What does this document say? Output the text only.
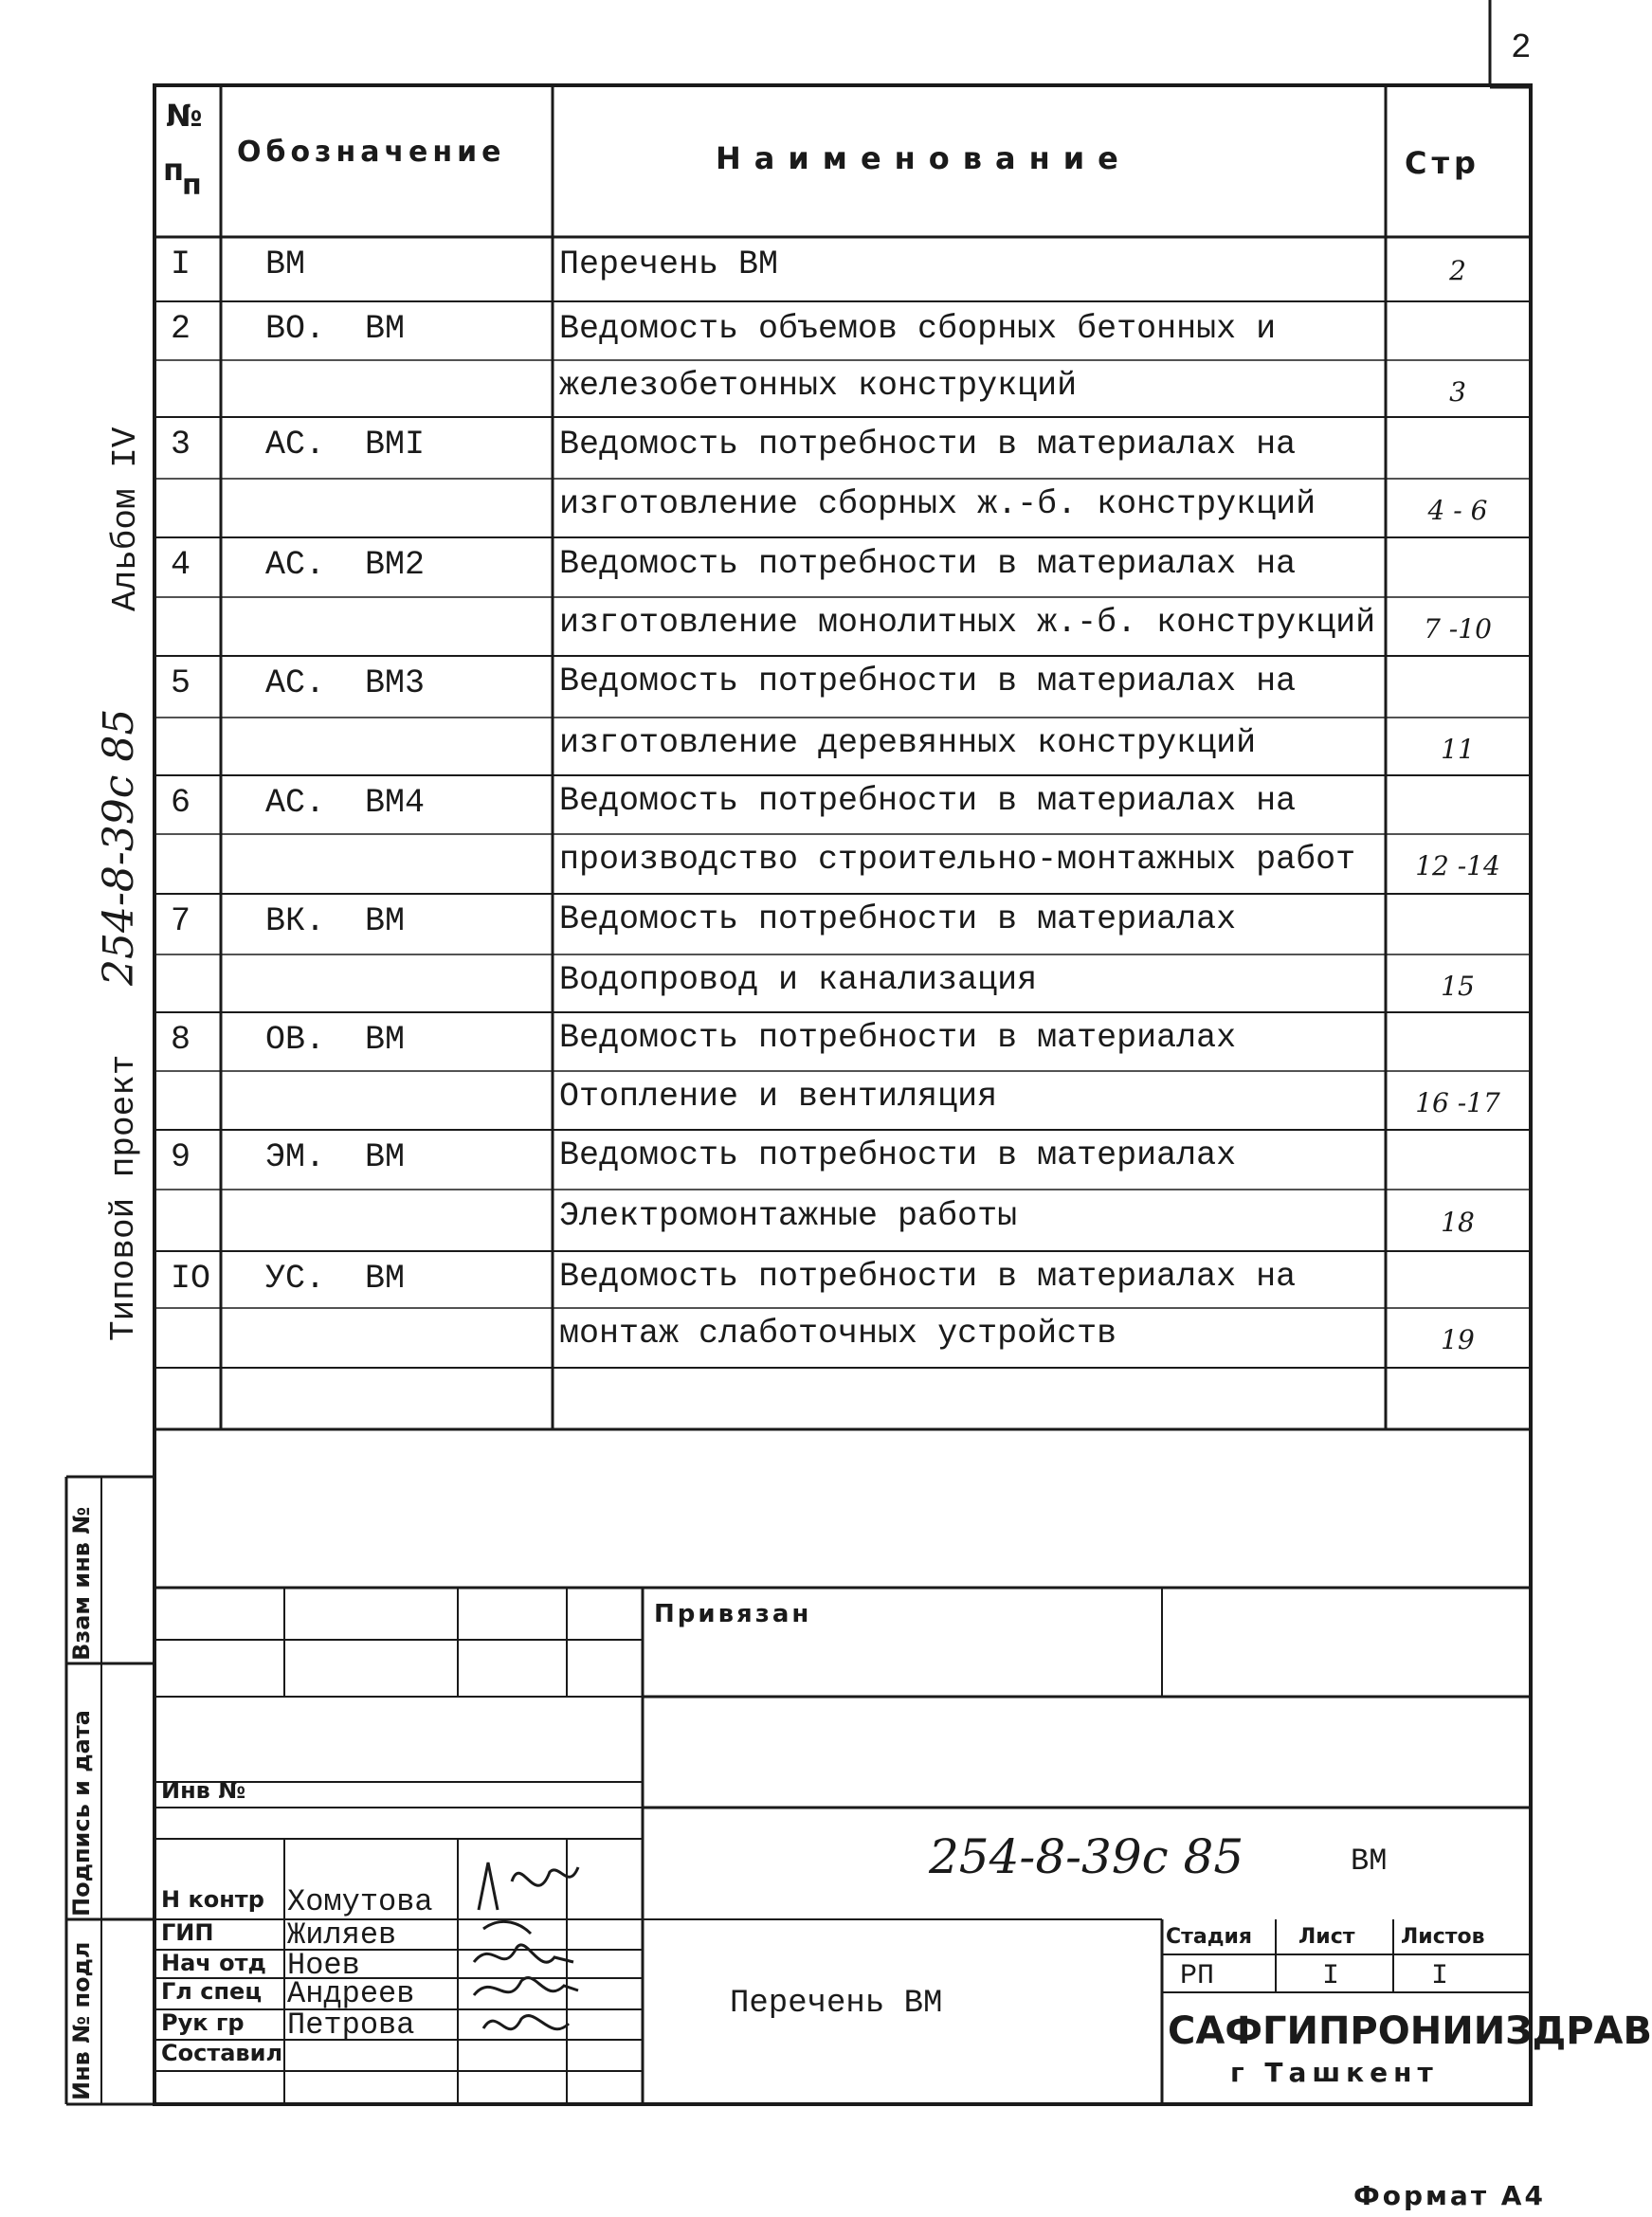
2
№
п
п
Обозначение	Наименование	Стр
I ВМ	Перечень ВМ	2
2 ВО.  ВМ	Ведомость объемов сборных бетонных и
железобетонных конструкций	3
3 АС.  ВМI	Ведомость потребности в материалах на
изготовление сборных ж.-б. конструкций	4 - 6
4 АС.  ВМ2	Ведомость потребности в материалах на
изготовление монолитных ж.-б. конструкций	7 -10
5 АС.  ВМ3	Ведомость потребности в материалах на
изготовление деревянных конструкций	11
6 АС.  ВМ4	Ведомость потребности в материалах на
производство строительно-монтажных работ	12 -14
7 ВК.  ВМ	Ведомость потребности в материалах
Водопровод и канализация	15
8 ОВ.  ВМ	Ведомость потребности в материалах
Отопление и вентиляция	16 -17
9 ЭМ.  ВМ	Ведомость потребности в материалах
Электромонтажные работы	18
IO УС.  ВМ	Ведомость потребности в материалах на
монтаж слаботочных устройств	19
Типовой проект
254-8-39с 85
Альбом IV
Взам инв №
Подпись и дата
Инв № подл
Привязан
Инв №
254-8-39с 85	ВМ
Перечень ВМ
Стадия Лист Листов
РП	I	I
САФГИПРОНИИЗДРАВ
г Ташкент
Н контр Хомутова
ГИП Жиляев
Нач отд Ноев
Гл спец Андреев
Рук гр Петрова
Составил
Формат А4
